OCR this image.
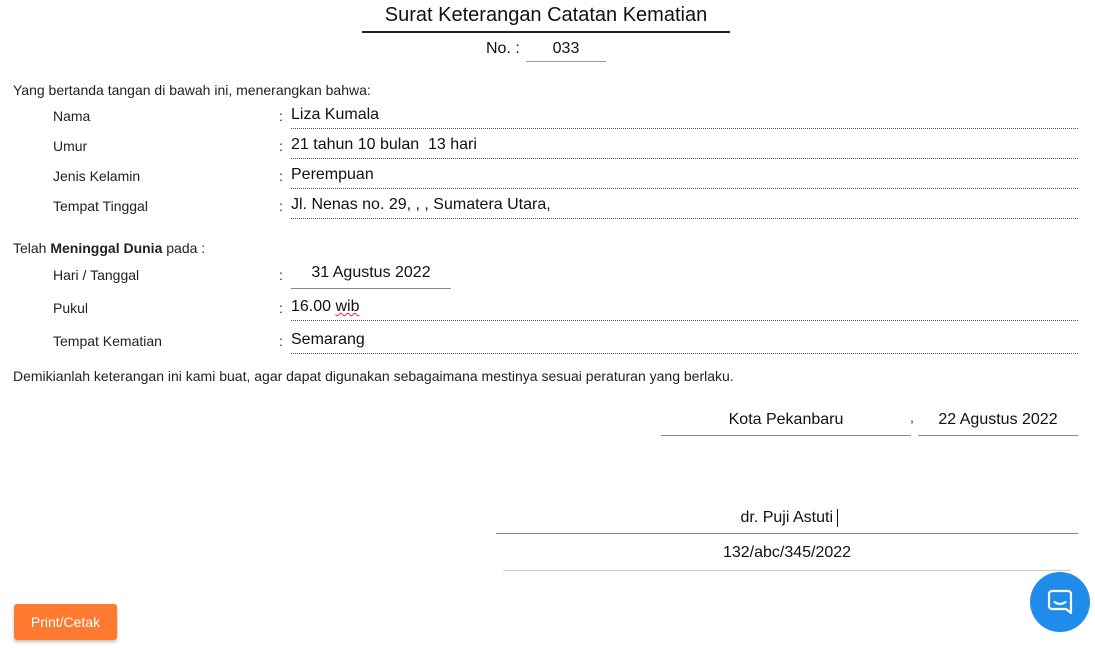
Surat Keterangan Catatan Kematian
No. :	033
Yang bertanda tangan di bawah ini, menerangkan bahwa:
Nama	: Liza Kumala
Umur	: 21 tahun 10 bulan  13 hari
Jenis Kelamin	: Perempuan
Tempat Tinggal	: Jl. Nenas no. 29, , , Sumatera Utara,
Telah Meninggal Dunia pada :
Hari / Tanggal	:	31 Agustus 2022
Pukul	: 16.00 wib
Tempat Kematian	: Semarang
Demikianlah keterangan ini kami buat, agar dapat digunakan sebagaimana mestinya sesuai peraturan yang berlaku.
Kota Pekanbaru	,	22 Agustus 2022
dr. Puji Astuti
132/abc/345/2022
Print/Cetak
